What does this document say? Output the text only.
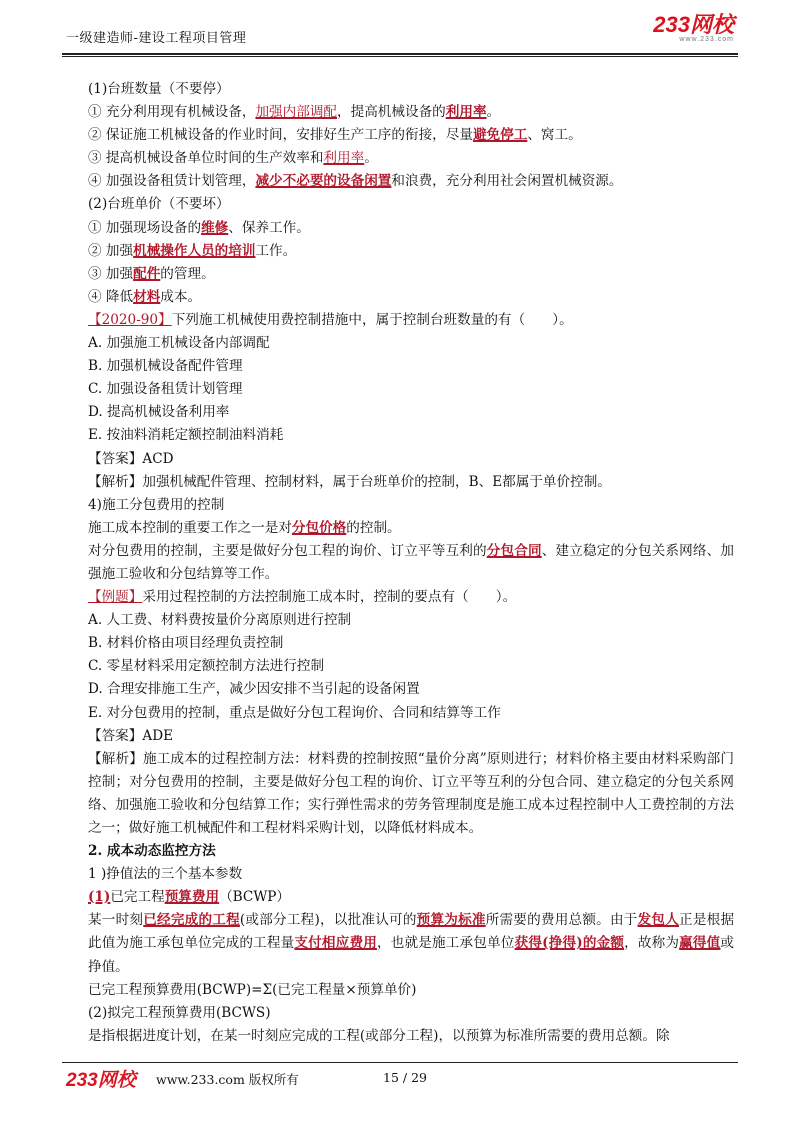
一级建造师-建设工程项目管理
233网校
www.233.com
(1)台班数量（不要停）
① 充分利用现有机械设备，加强内部调配，提高机械设备的利用率。
② 保证施工机械设备的作业时间，安排好生产工序的衔接，尽量避免停工、窝工。
③ 提高机械设备单位时间的生产效率和利用率。
④ 加强设备租赁计划管理，减少不必要的设备闲置和浪费，充分利用社会闲置机械资源。
(2)台班单价（不要坏）
① 加强现场设备的维修、保养工作。
② 加强机械操作人员的培训工作。
③ 加强配件的管理。
④ 降低材料成本。
【2020-90】下列施工机械使用费控制措施中，属于控制台班数量的有（　　）。
A. 加强施工机械设备内部调配
B. 加强机械设备配件管理
C. 加强设备租赁计划管理
D. 提高机械设备利用率
E. 按油料消耗定额控制油料消耗
【答案】ACD
【解析】加强机械配件管理、控制材料，属于台班单价的控制，B、E都属于单价控制。
4)施工分包费用的控制
施工成本控制的重要工作之一是对分包价格的控制。
对分包费用的控制，主要是做好分包工程的询价、订立平等互利的分包合同、建立稳定的分包关系网络、加强施工验收和分包结算等工作。
【例题】采用过程控制的方法控制施工成本时，控制的要点有（　　）。
A. 人工费、材料费按量价分离原则进行控制
B. 材料价格由项目经理负责控制
C. 零星材料采用定额控制方法进行控制
D. 合理安排施工生产，减少因安排不当引起的设备闲置
E. 对分包费用的控制，重点是做好分包工程询价、合同和结算等工作
【答案】ADE
【解析】施工成本的过程控制方法：材料费的控制按照“量价分离”原则进行；材料价格主要由材料采购部门控制；对分包费用的控制，主要是做好分包工程的询价、订立平等互利的分包合同、建立稳定的分包关系网络、加强施工验收和分包结算工作；实行弹性需求的劳务管理制度是施工成本过程控制中人工费控制的方法之一；做好施工机械配件和工程材料采购计划，以降低材料成本。
2. 成本动态监控方法
1 )挣值法的三个基本参数
(1)已完工程预算费用（BCWP）
某一时刻已经完成的工程(或部分工程)，以批准认可的预算为标准所需要的费用总额。由于发包人正是根据此值为施工承包单位完成的工程量支付相应费用，也就是施工承包单位获得(挣得)的金额，故称为赢得值或挣值。
已完工程预算费用(BCWP)=Σ(已完工程量×预算单价)
(2)拟完工程预算费用(BCWS)
是指根据进度计划，在某一时刻应完成的工程(或部分工程)，以预算为标准所需要的费用总额。除
233网校 www.233.com 版权所有	15 / 29
